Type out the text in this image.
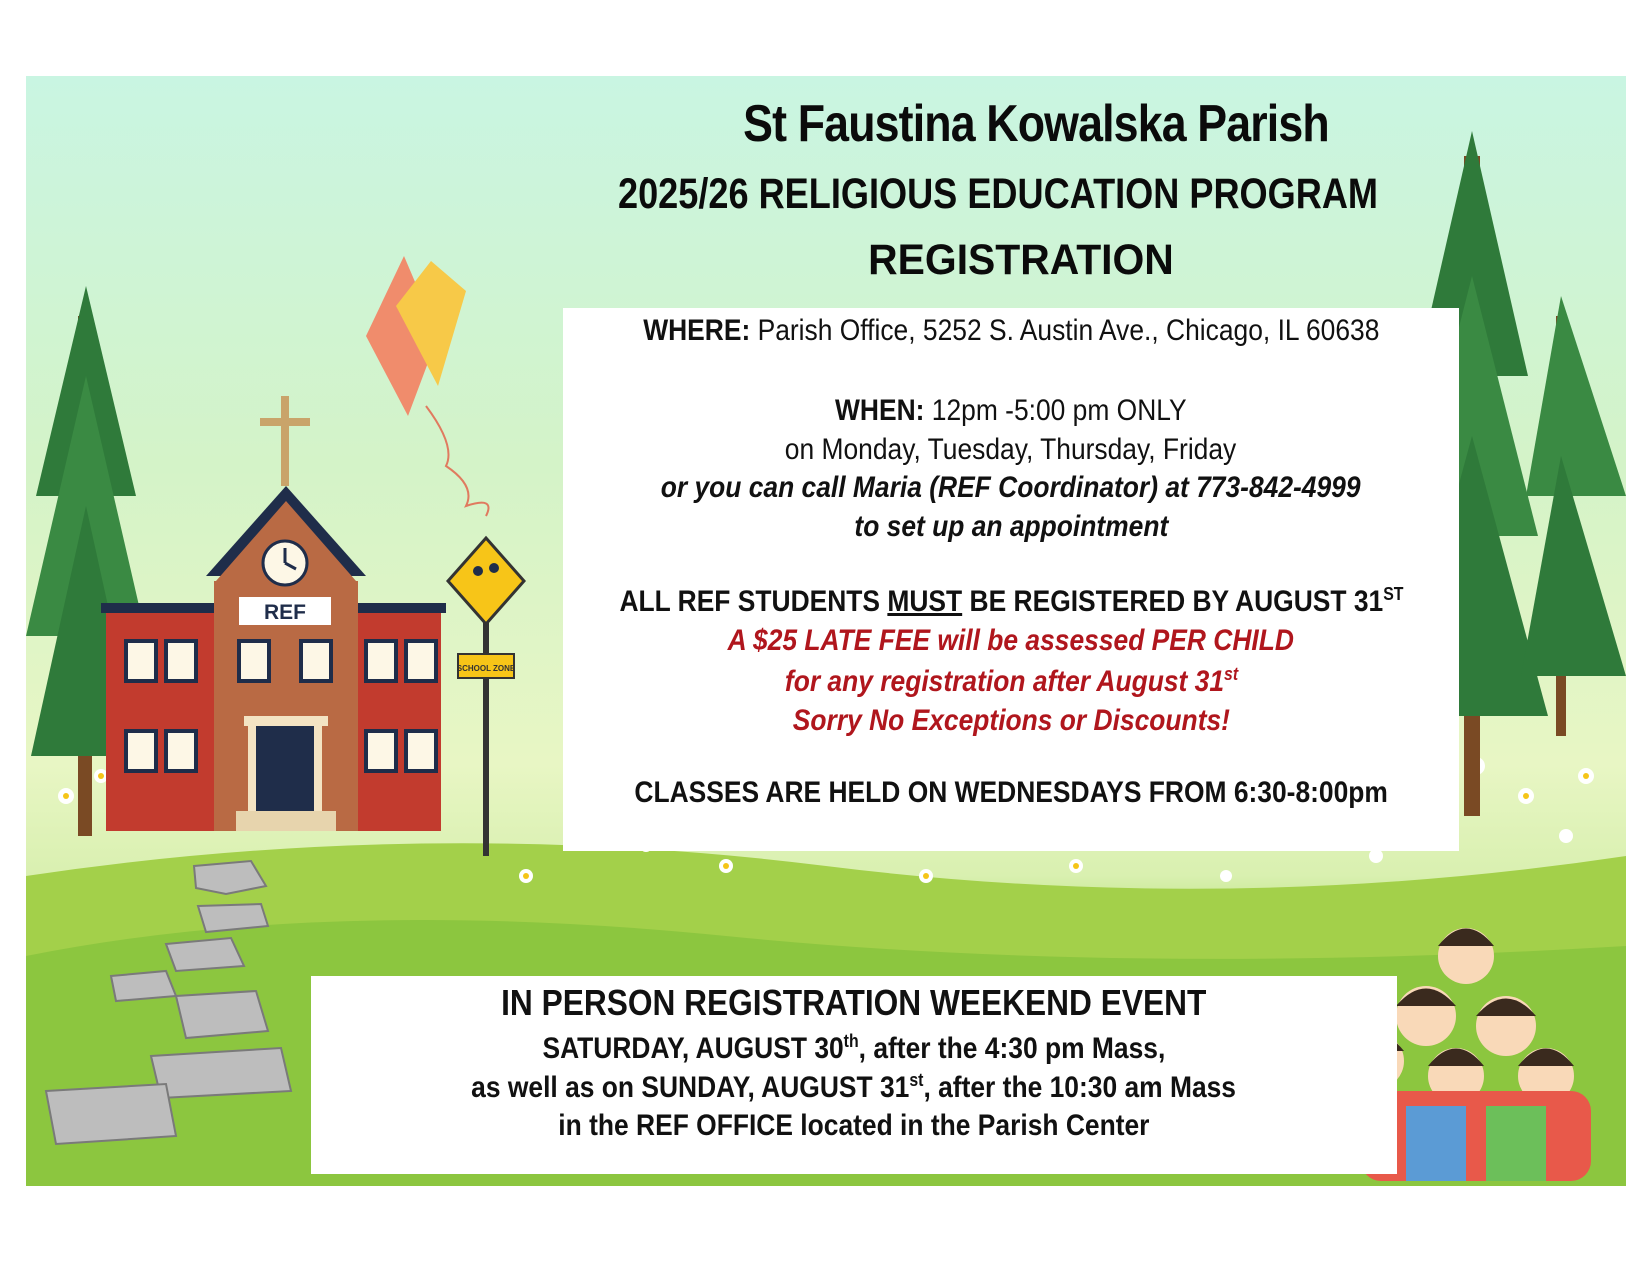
REF
SCHOOL ZONE
St Faustina Kowalska Parish
2025/26 RELIGIOUS EDUCATION PROGRAM
REGISTRATION
WHERE: Parish Office, 5252 S. Austin Ave., Chicago, IL 60638
WHEN: 12pm -5:00 pm ONLY
on Monday, Tuesday, Thursday, Friday
or you can call Maria (REF Coordinator) at 773-842-4999
to set up an appointment
ALL REF STUDENTS MUST BE REGISTERED BY AUGUST 31ST
A $25 LATE FEE will be assessed PER CHILD
for any registration after August 31st
Sorry No Exceptions or Discounts!
CLASSES ARE HELD ON WEDNESDAYS FROM 6:30-8:00pm
IN PERSON REGISTRATION WEEKEND EVENT
SATURDAY, AUGUST 30th, after the 4:30 pm Mass,
as well as on SUNDAY, AUGUST 31st, after the 10:30 am Mass
in the REF OFFICE located in the Parish Center
